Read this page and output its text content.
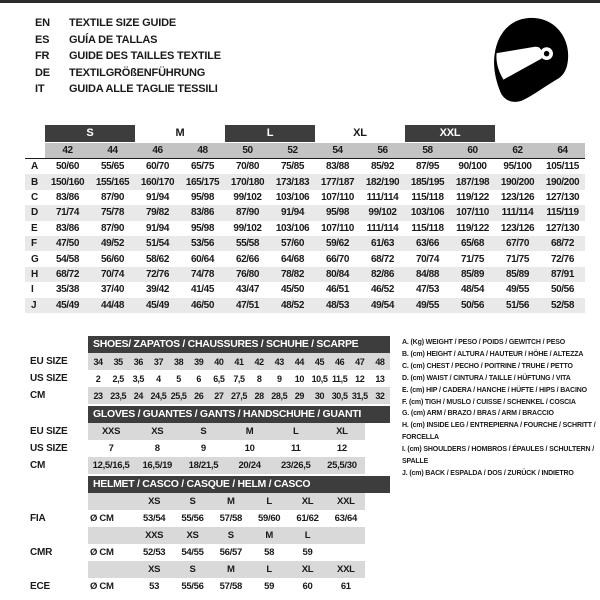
EN	TEXTILE SIZE GUIDE
ES	GUÍA DE TALLAS
FR	GUIDE DES TAILLES TEXTILE
DE	TEXTILGRÖßENFÜHRUNG
IT	GUIDA ALLE TAGLIE TESSILI
S	M	L	XL	XXL
42	44	46	48	50	52	54	56	58	60	62	64
A	50/60	55/65	60/70	65/75	70/80	75/85	83/88	85/92	87/95	90/100	95/100	105/115
B	150/160	155/165	160/170	165/175	170/180	173/183	177/187	182/190	185/195	187/198	190/200	190/200
C	83/86	87/90	91/94	95/98	99/102	103/106	107/110	111/114	115/118	119/122	123/126	127/130
D	71/74	75/78	79/82	83/86	87/90	91/94	95/98	99/102	103/106	107/110	111/114	115/119
E	83/86	87/90	91/94	95/98	99/102	103/106	107/110	111/114	115/118	119/122	123/126	127/130
F	47/50	49/52	51/54	53/56	55/58	57/60	59/62	61/63	63/66	65/68	67/70	68/72
G	54/58	56/60	58/62	60/64	62/66	64/68	66/70	68/72	70/74	71/75	71/75	72/76
H	68/72	70/74	72/76	74/78	76/80	78/82	80/84	82/86	84/88	85/89	85/89	87/91
I	35/38	37/40	39/42	41/45	43/47	45/50	46/51	46/52	47/53	48/54	49/55	50/56
J	45/49	44/48	45/49	46/50	47/51	48/52	48/53	49/54	49/55	50/56	51/56	52/58
SHOES/ ZAPATOS / CHAUSSURES / SCHUHE / SCARPE
EU SIZE	34	35	36	37	38	39	40	41	42	43	44	45	46	47	48
US SIZE	2	2,5 3,5	4	5	6	6,5 7,5	8	9	10 10,5 11,5 12	13
CM	23 23,5 24 24,5 25,5 26	27 27,5 28 28,5 29	30 30,5 31,5 32
GLOVES / GUANTES / GANTS / HANDSCHUHE / GUANTI
EU SIZE	XXS	XS	S	M	L	XL
US SIZE	7	8	9	10	11	12
CM	12,5/16,5	16,5/19	18/21,5	20/24	23/26,5	25,5/30
HELMET / CASCO / CASQUE / HELM / CASCO
XS	S	M	L	XL	XXL
FIA	Ø CM	53/54	55/56	57/58	59/60	61/62	63/64
XXS	XS	S	M	L
CMR	Ø CM	52/53	54/55	56/57	58	59
XS	S	M	L	XL	XXL
ECE	Ø CM	53	55/56	57/58	59	60	61
A. (Kg) WEIGHT / PESO / POIDS / GEWITCH / PESO
B. (cm) HEIGHT / ALTURA / HAUTEUR / HÖHE / ALTEZZA
C. (cm) CHEST / PECHO / POITRINE / TRUHE / PETTO
D. (cm) WAIST / CINTURA / TAILLE / HÜFTUNG / VITA
E. (cm) HIP / CADERA / HANCHE / HÜFTE / HIPS / BACINO
F. (cm) TIGH / MUSLO / CUISSE / SCHENKEL / COSCIA
G. (cm) ARM / BRAZO / BRAS / ARM / BRACCIO
H. (cm) INSIDE LEG / ENTREPIERNA / FOURCHE / SCHRITT / FORCELLA
I. (cm) SHOULDERS / HOMBROS / ÉPAULES / SCHULTERN / SPALLE
J. (cm) BACK / ESPALDA / DOS / ZURÜCK / INDIETRO
